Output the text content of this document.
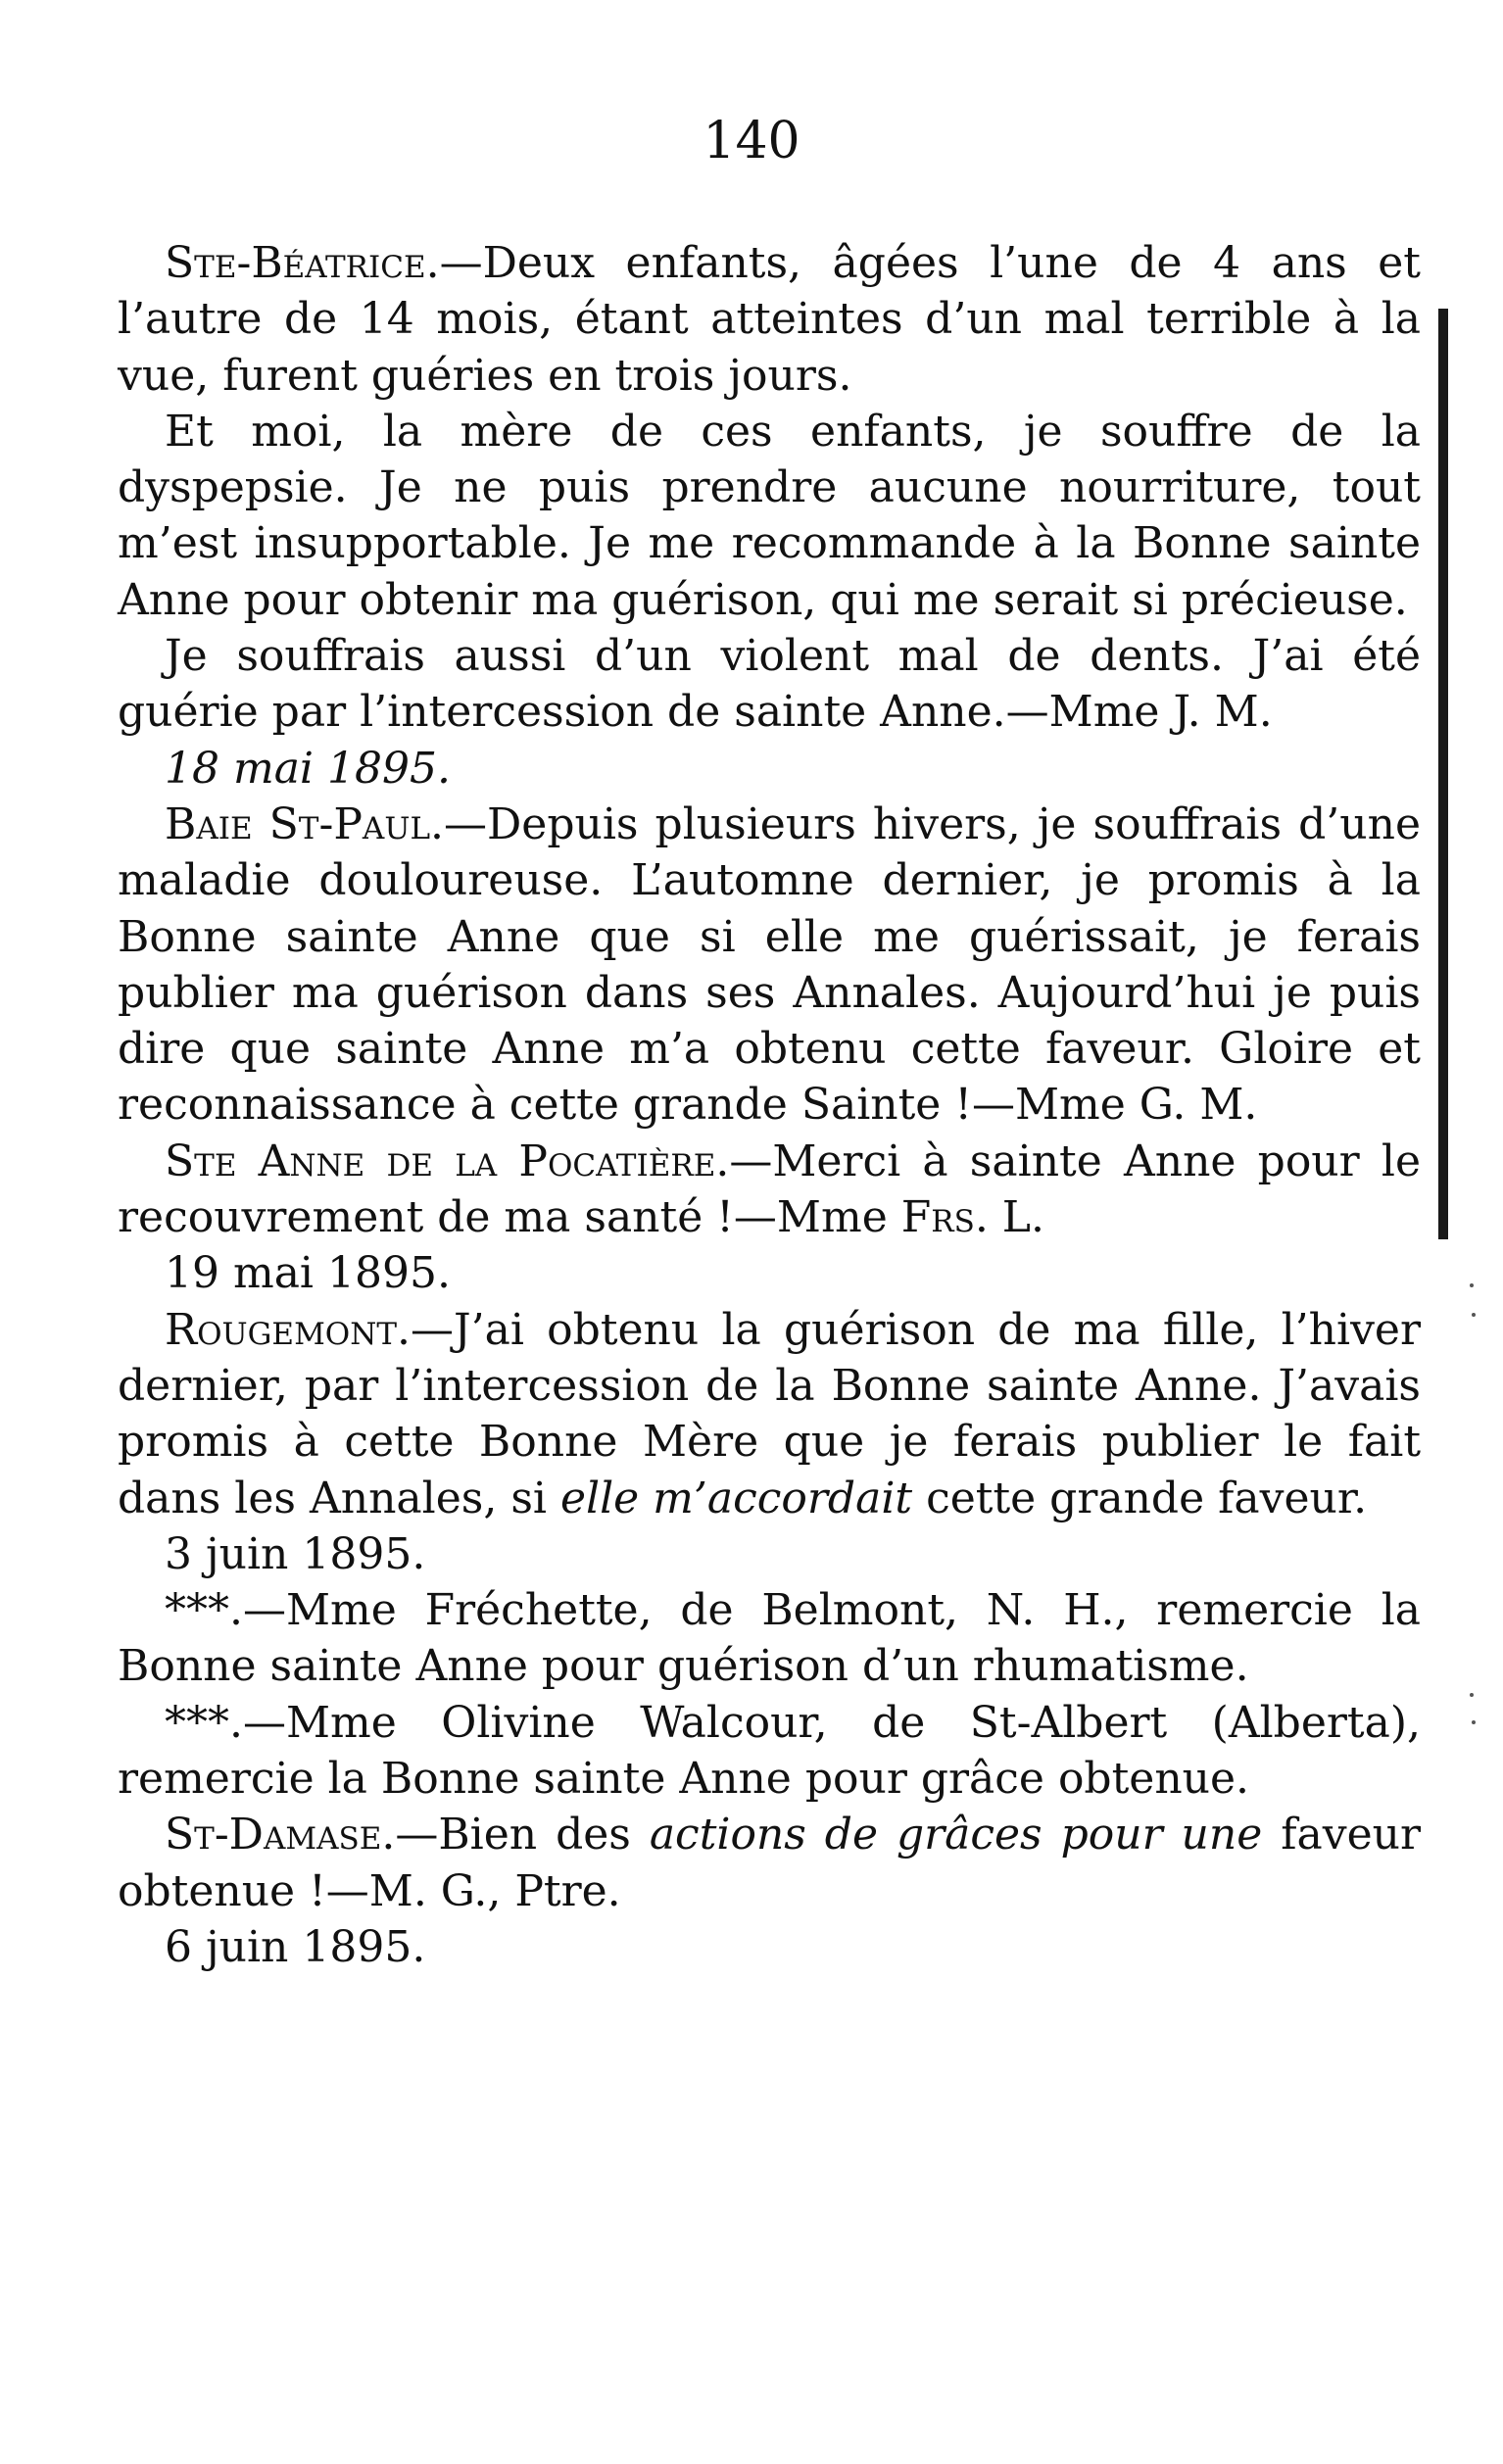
140

Ste-Béatrice.—Deux enfants, âgées l’une de 4 ans et l’autre de 14 mois, étant atteintes d’un mal terrible à la vue, furent guéries en trois jours.

Et moi, la mère de ces enfants, je souffre de la dyspepsie. Je ne puis prendre aucune nourriture, tout m’est insupportable. Je me recommande à la Bonne sainte Anne pour obtenir ma guérison, qui me serait si précieuse.

Je souffrais aussi d’un violent mal de dents. J’ai été guérie par l’intercession de sainte Anne.—Mme J. M.

18 mai 1895.

Baie St-Paul.—Depuis plusieurs hivers, je souffrais d’une maladie douloureuse. L’automne dernier, je promis à la Bonne sainte Anne que si elle me guérissait, je ferais publier ma guérison dans ses Annales. Aujourd’hui je puis dire que sainte Anne m’a obtenu cette faveur. Gloire et reconnaissance à cette grande Sainte !—Mme G. M.

Ste Anne de la Pocatière.—Merci à sainte Anne pour le recouvrement de ma santé !—Mme Frs. L.

19 mai 1895.

Rougemont.—J’ai obtenu la guérison de ma fille, l’hiver dernier, par l’intercession de la Bonne sainte Anne. J’avais promis à cette Bonne Mère que je ferais publier le fait dans les Annales, si elle m’accordait cette grande faveur.

3 juin 1895.

***.—Mme Fréchette, de Belmont, N. H., remercie la Bonne sainte Anne pour guérison d’un rhumatisme.

***.—Mme Olivine Walcour, de St-Albert (Alberta), remercie la Bonne sainte Anne pour grâce obtenue.

St-Damase.—Bien des actions de grâces pour une faveur obtenue !—M. G., Ptre.

6 juin 1895.
